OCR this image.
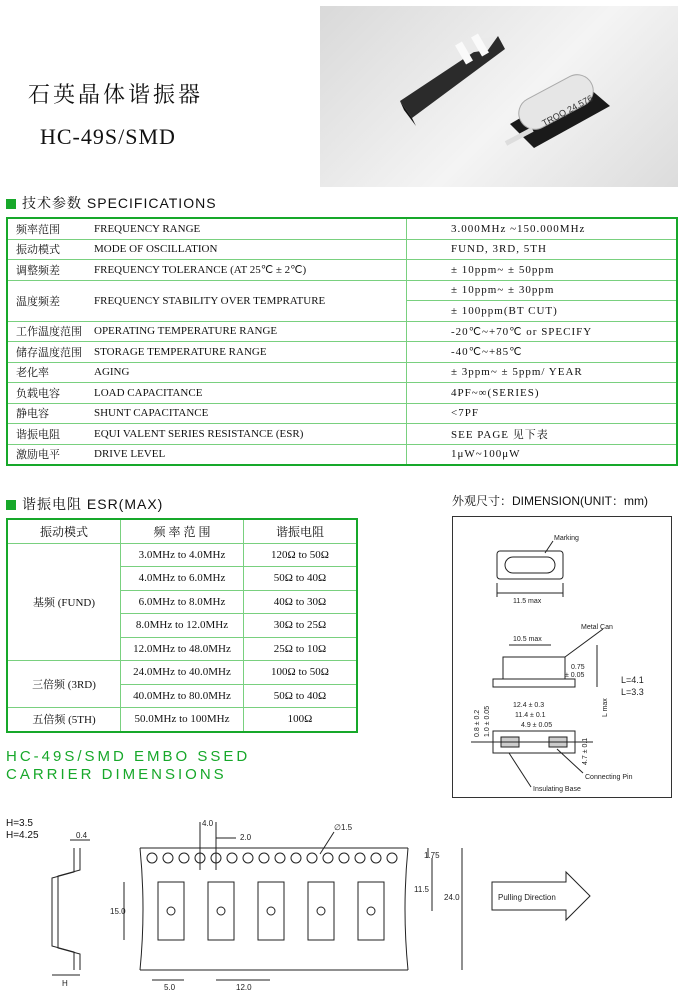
石英晶体谐振器
HC-49S/SMD
TROQ 24.576
技术参数 SPECIFICATIONS
频率范围	FREQUENCY RANGE	3.000MHz ~150.000MHz
振动模式	MODE OF OSCILLATION	FUND, 3RD, 5TH
调整频差	FREQUENCY TOLERANCE (AT 25℃ ± 2℃)	± 10ppm~ ± 50ppm
温度频差	FREQUENCY STABILITY OVER TEMPRATURE	± 10ppm~ ± 30ppm
		± 100ppm(BT CUT)
工作温度范围	OPERATING TEMPERATURE RANGE	-20℃~+70℃ or SPECIFY
储存温度范围	STORAGE TEMPERATURE RANGE	-40℃~+85℃
老化率	AGING	± 3ppm~ ± 5ppm/ YEAR
负载电容	LOAD CAPACITANCE	4PF~∞(SERIES)
静电容	SHUNT CAPACITANCE	<7PF
谐振电阻	EQUI VALENT SERIES RESISTANCE (ESR)	SEE PAGE 见下表
激励电平	DRIVE LEVEL	1μW~100μW
谐振电阻 ESR(MAX)
振动模式	频 率 范 围	谐振电阻
基频 (FUND)	3.0MHz to 4.0MHz	120Ω to 50Ω
	4.0MHz to 6.0MHz	50Ω to 40Ω
	6.0MHz to 8.0MHz	40Ω to 30Ω
	8.0MHz to 12.0MHz	30Ω to 25Ω
	12.0MHz to 48.0MHz	25Ω to 10Ω
三倍频 (3RD)	24.0MHz to 40.0MHz	100Ω to 50Ω
	40.0MHz to 80.0MHz	50Ω to 40Ω
五倍频 (5TH)	50.0MHz to 100MHz	100Ω
外观尺寸：DIMENSION(UNIT：mm)
Marking
11.5 max
10.5 max
Metal Can
0.75
± 0.05
L max
L=4.1
L=3.3
12.4 ± 0.3
11.4 ± 0.1
4.9 ± 0.05
0.8 ± 0.2 1.0 ± 0.05
4.7 ± 0.1
Connecting Pin
Insulating Base
HC-49S/SMD EMBO SSED
CARRIER DIMENSIONS
H=3.5
H=4.25	0.4
H
4.0
2.0
∅1.5
15.0
5.0	12.0
1.75
11.5
24.0	Pulling Direction
